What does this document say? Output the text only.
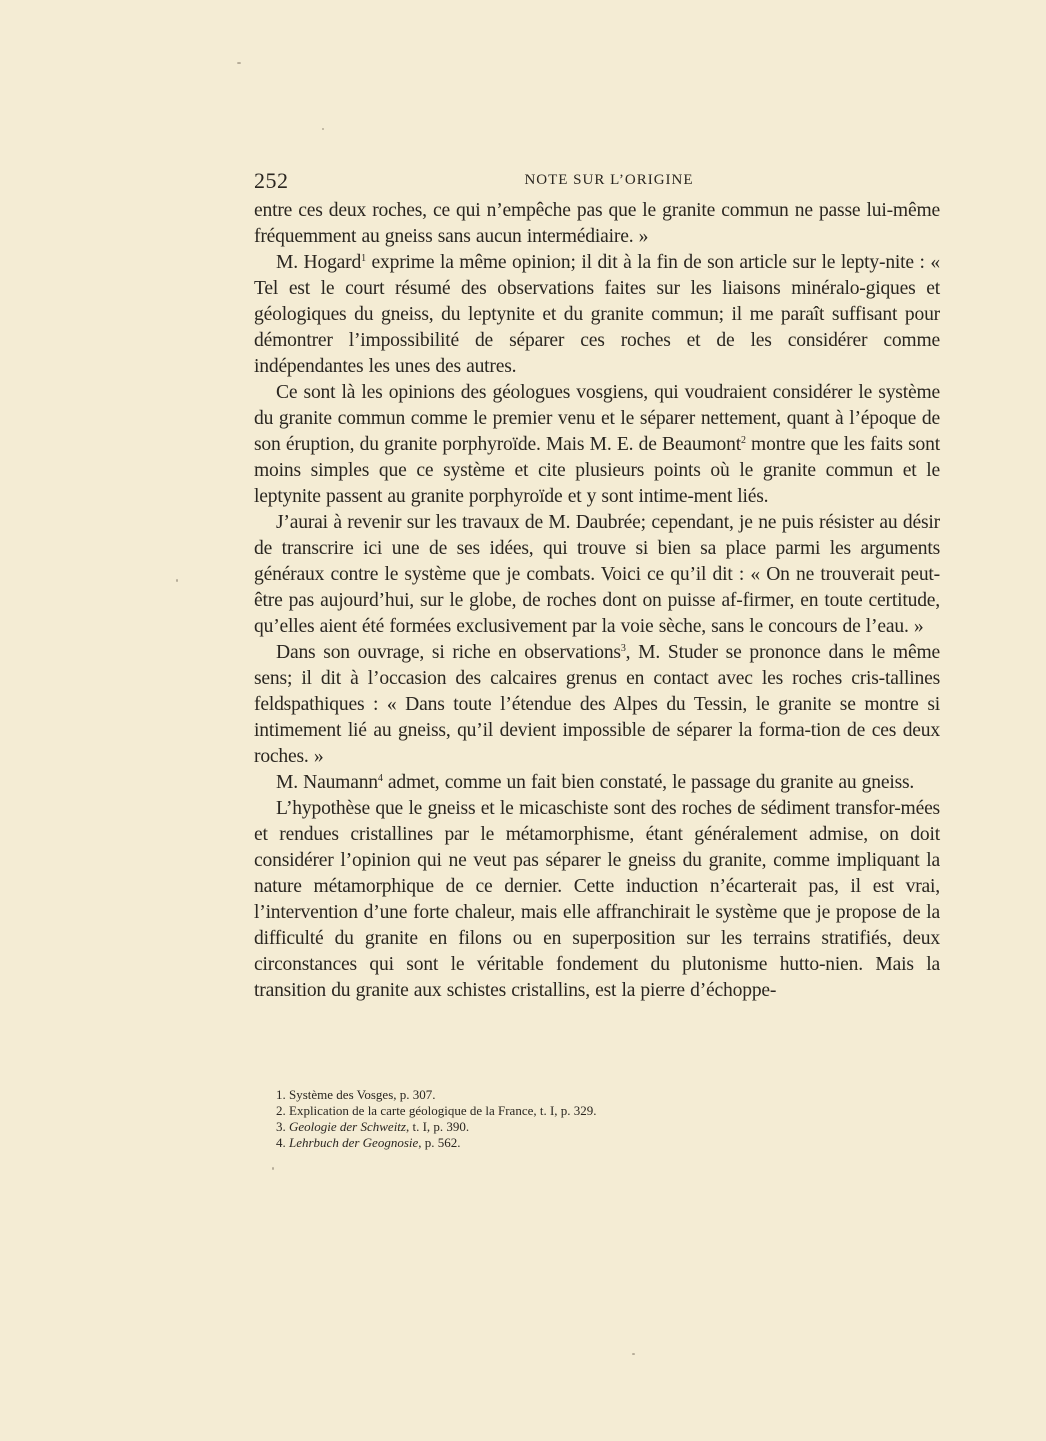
252	NOTE SUR L’ORIGINE

entre ces deux roches, ce qui n’empêche pas que le granite commun ne passe lui-même fréquemment au gneiss sans aucun intermédiaire. »

M. Hogard$^1$ exprime la même opinion; il dit à la fin de son article sur le lepty-nite : « Tel est le court résumé des observations faites sur les liaisons minéralo-giques et géologiques du gneiss, du leptynite et du granite commun; il me paraît suffisant pour démontrer l’impossibilité de séparer ces roches et de les considérer comme indépendantes les unes des autres.

Ce sont là les opinions des géologues vosgiens, qui voudraient considérer le système du granite commun comme le premier venu et le séparer nettement, quant à l’époque de son éruption, du granite porphyroïde. Mais M. E. de Beaumont$^2$ montre que les faits sont moins simples que ce système et cite plusieurs points où le granite commun et le leptynite passent au granite porphyroïde et y sont intime-ment liés.

J’aurai à revenir sur les travaux de M. Daubrée; cependant, je ne puis résister au désir de transcrire ici une de ses idées, qui trouve si bien sa place parmi les arguments généraux contre le système que je combats. Voici ce qu’il dit : « On ne trouverait peut-être pas aujourd’hui, sur le globe, de roches dont on puisse af-firmer, en toute certitude, qu’elles aient été formées exclusivement par la voie sèche, sans le concours de l’eau. »

Dans son ouvrage, si riche en observations$^3$, M. Studer se prononce dans le même sens; il dit à l’occasion des calcaires grenus en contact avec les roches cris-tallines feldspathiques : « Dans toute l’étendue des Alpes du Tessin, le granite se montre si intimement lié au gneiss, qu’il devient impossible de séparer la forma-tion de ces deux roches. »

M. Naumann$^4$ admet, comme un fait bien constaté, le passage du granite au gneiss.

L’hypothèse que le gneiss et le micaschiste sont des roches de sédiment transfor-mées et rendues cristallines par le métamorphisme, étant généralement admise, on doit considérer l’opinion qui ne veut pas séparer le gneiss du granite, comme impliquant la nature métamorphique de ce dernier. Cette induction n’écarterait pas, il est vrai, l’intervention d’une forte chaleur, mais elle affranchirait le système que je propose de la difficulté du granite en filons ou en superposition sur les terrains stratifiés, deux circonstances qui sont le véritable fondement du plutonisme hutto-nien. Mais la transition du granite aux schistes cristallins, est la pierre d’échoppe-

1. Système des Vosges, p. 307.
2. Explication de la carte géologique de la France, t. I, p. 329.
3. Geologie der Schweitz, t. I, p. 390.
4. Lehrbuch der Geognosie, p. 562.
